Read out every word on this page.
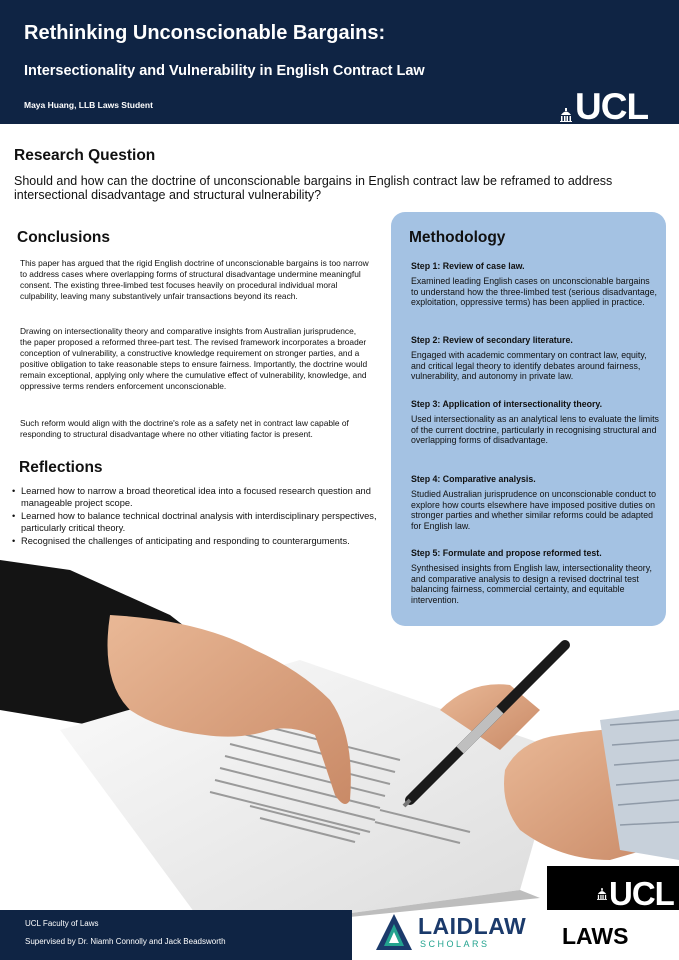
Rethinking Unconscionable Bargains:
Intersectionality and Vulnerability in English Contract Law
Maya Huang, LLB Laws Student	UCL
Research Question
Should and how can the doctrine of unconscionable bargains in English contract law be reframed to address intersectional disadvantage and structural vulnerability?
Conclusions
This paper has argued that the rigid English doctrine of unconscionable bargains is too narrow to address cases where overlapping forms of structural disadvantage undermine meaningful consent. The existing three-limbed test focuses heavily on procedural individual moral culpability, leaving many substantively unfair transactions beyond its reach.
Drawing on intersectionality theory and comparative insights from Australian jurisprudence, the paper proposed a reformed three-part test. The revised framework incorporates a broader conception of vulnerability, a constructive knowledge requirement on stronger parties, and a positive obligation to take reasonable steps to ensure fairness. Importantly, the doctrine would remain exceptional, applying only where the cumulative effect of vulnerability, knowledge, and oppressive terms renders enforcement unconscionable.
Such reform would align with the doctrine's role as a safety net in contract law capable of responding to structural disadvantage where no other vitiating factor is present.
Reflections
• Learned how to narrow a broad theoretical idea into a focused research question and manageable project scope.
• Learned how to balance technical doctrinal analysis with interdisciplinary perspectives, particularly critical theory.
• Recognised the challenges of anticipating and responding to counterarguments.
Methodology
Step 1: Review of case law.
Examined leading English cases on unconscionable bargains to understand how the three-limbed test (serious disadvantage, exploitation, oppressive terms) has been applied in practice.
Step 2: Review of secondary literature.
Engaged with academic commentary on contract law, equity, and critical legal theory to identify debates around fairness, vulnerability, and autonomy in private law.
Step 3: Application of intersectionality theory.
Used intersectionality as an analytical lens to evaluate the limits of the current doctrine, particularly in recognising structural and overlapping forms of disadvantage.
Step 4: Comparative analysis.
Studied Australian jurisprudence on unconscionable conduct to explore how courts elsewhere have imposed positive duties on stronger parties and whether similar reforms could be adapted for English law.
Step 5: Formulate and propose reformed test.
Synthesised insights from English law, intersectionality theory, and comparative analysis to design a revised doctrinal test balancing fairness, commercial certainty, and equitable intervention.
UCL Faculty of Laws
Supervised by Dr. Niamh Connolly and Jack Beadsworth
LAIDLAW
SCHOLARS
UCL
LAWS
